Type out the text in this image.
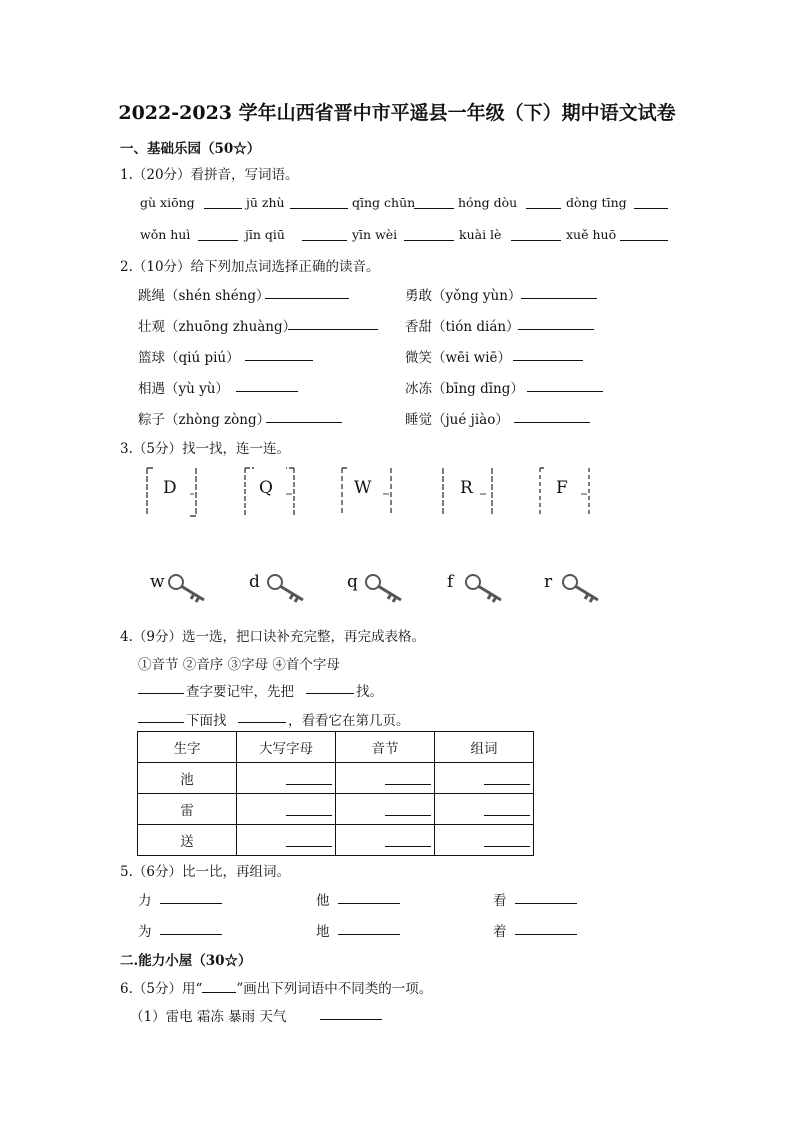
2022-2023 学年山西省晋中市平遥县一年级（下）期中语文试卷
一、基础乐园（50☆）
1.（20分）看拼音，写词语。
gù xiōng	jū zhù	qīng chūn	hóng dòu	dòng tīng
wǒn huì	jīn qiū	yīn wèi	kuài lè	xuě huō
2.（10分）给下列加点词选择正确的读音。
跳绳（shén shéng）	勇敢（yǒng yùn）
壮观（zhuōng zhuàng）	香甜（tión dián）
篮球（qiú piú）	微笑（wēi wiē）
相遇（yù yù）	冰冻（bīng dīng）
粽子（zhòng zòng）	睡觉（jué jiào）
3.（5分）找一找，连一连。
D	Q	W	R	F
w	d	q	f	r
4.（9分）选一选，把口诀补充完整，再完成表格。
①音节 ②音序 ③字母 ④首个字母
查字要记牢，先把	找。
下面找	，看看它在第几页。
生字	大写字母	音节	组词
池	

雷	

送	

5.（6分）比一比，再组词。
力	他	看
为	地	着
二.能力小屋（30☆）
6.（5分）用“	”画出下列词语中不同类的一项。
（1）雷电 霜冻 暴雨 天气
